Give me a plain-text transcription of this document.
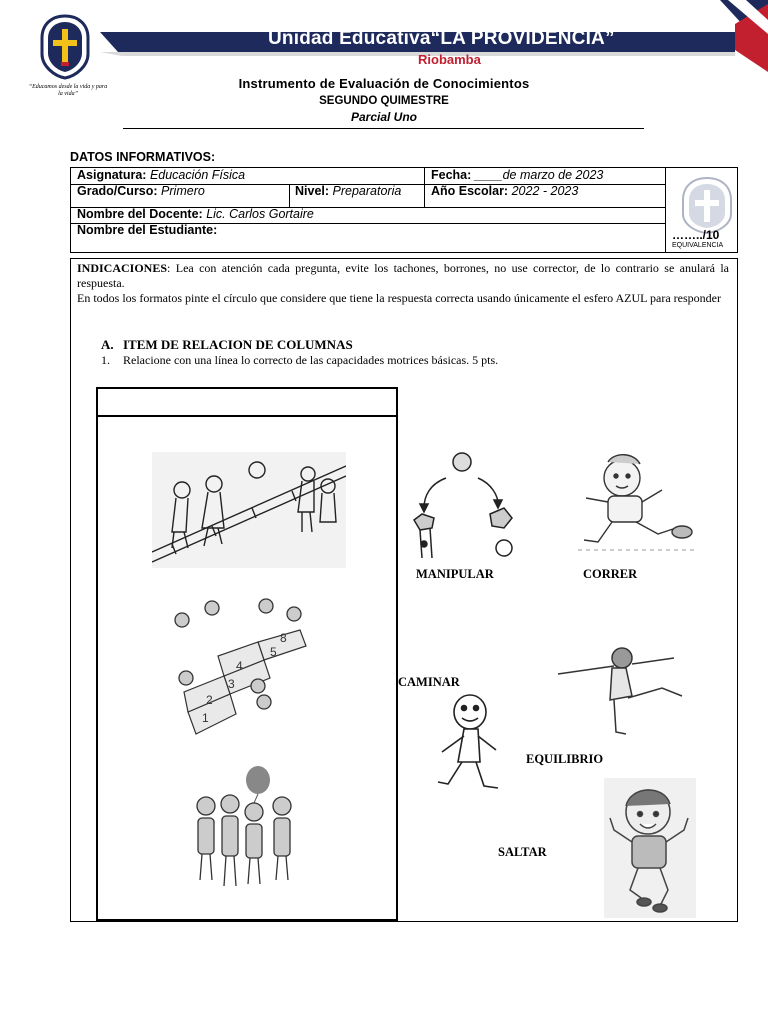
Unidad Educativa“LA PROVIDENCIA”
Riobamba
“Educamos desde la vida y para la vida”
Instrumento de Evaluación de Conocimientos
SEGUNDO QUIMESTRE
Parcial Uno
DATOS INFORMATIVOS:
Asignatura: Educación Física	Fecha: ____de marzo de 2023
Grado/Curso: Primero	Nivel: Preparatoria Año Escolar: 2022 - 2023
Nombre del Docente: Lic. Carlos Gortaire
Nombre del Estudiante:	……../10
EQUIVALENCIA
INDICACIONES: Lea con atención cada pregunta, evite los tachones, borrones, no use corrector, de lo contrario se anulará la respuesta.
En todos los formatos pinte el círculo que considere que tiene la respuesta correcta usando únicamente el esfero AZUL para responder
A. ITEM DE RELACION DE COLUMNAS
1. Relacione con una línea lo correcto de las capacidades motrices básicas. 5 pts.
1
2
3
4
5
8
MANIPULAR	CORRER
CAMINAR
EQUILIBRIO
SALTAR
